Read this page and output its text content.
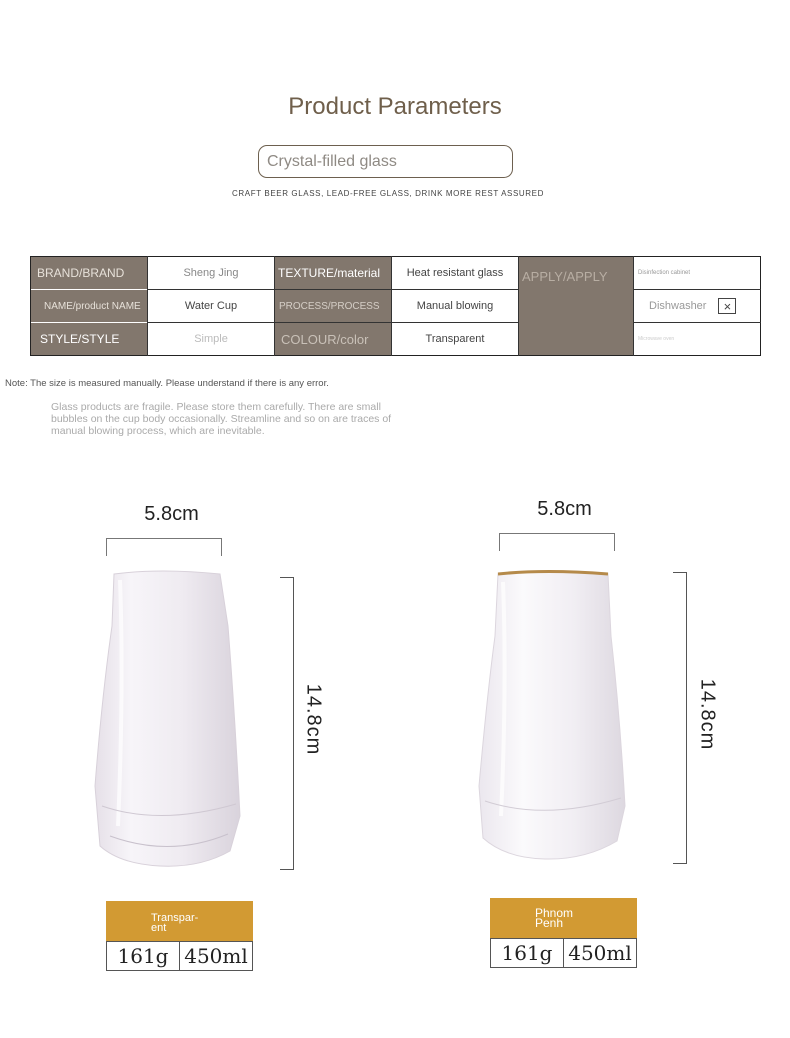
Product Parameters
Crystal-filled glass
CRAFT BEER GLASS, LEAD-FREE GLASS, DRINK MORE REST ASSURED
BRAND/BRAND	Sheng Jing	TEXTURE/material	Heat resistant glass	APPLY/APPLY	Disinfection cabinet
NAME/product NAME	Water Cup	PROCESS/PROCESS	Manual blowing	Dishwasher	×
STYLE/STYLE	Simple	COLOUR/color	Transparent	Microwave oven
Note: The size is measured manually. Please understand if there is any error.
Glass products are fragile. Please store them carefully. There are small bubbles on the cup body occasionally. Streamline and so on are traces of manual blowing process, which are inevitable.
5.8cm
14.8cm
Transpar-
ent
161g 450ml
5.8cm
14.8cm
Phnom
Penh
161g 450ml
